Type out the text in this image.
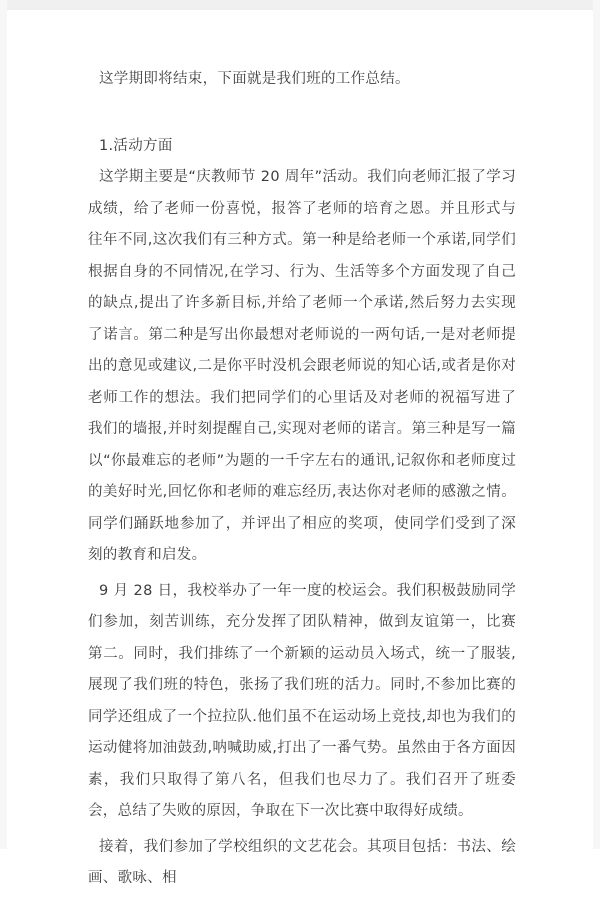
这学期即将结束，下面就是我们班的工作总结。

1.活动方面

这学期主要是“庆教师节 20 周年”活动。我们向老师汇报了学习成绩，给了老师一份喜悦，报答了老师的培育之恩。并且形式与往年不同,这次我们有三种方式。第一种是给老师一个承诺,同学们根据自身的不同情况,在学习、行为、生活等多个方面发现了自己的缺点,提出了许多新目标,并给了老师一个承诺,然后努力去实现了诺言。第二种是写出你最想对老师说的一两句话,一是对老师提出的意见或建议,二是你平时没机会跟老师说的知心话,或者是你对老师工作的想法。我们把同学们的心里话及对老师的祝福写进了我们的墙报,并时刻提醒自己,实现对老师的诺言。第三种是写一篇以“你最难忘的老师”为题的一千字左右的通讯,记叙你和老师度过的美好时光,回忆你和老师的难忘经历,表达你对老师的感激之情。同学们踊跃地参加了，并评出了相应的奖项，使同学们受到了深刻的教育和启发。

9 月 28 日，我校举办了一年一度的校运会。我们积极鼓励同学们参加，刻苦训练，充分发挥了团队精神，做到友谊第一，比赛第二。同时，我们排练了一个新颖的运动员入场式，统一了服装,展现了我们班的特色，张扬了我们班的活力。同时,不参加比赛的同学还组成了一个拉拉队.他们虽不在运动场上竞技,却也为我们的运动健将加油鼓劲,呐喊助威,打出了一番气势。虽然由于各方面因素，我们只取得了第八名，但我们也尽力了。我们召开了班委会，总结了失败的原因，争取在下一次比赛中取得好成绩。

接着，我们参加了学校组织的文艺花会。其项目包括：书法、绘画、歌咏、相
